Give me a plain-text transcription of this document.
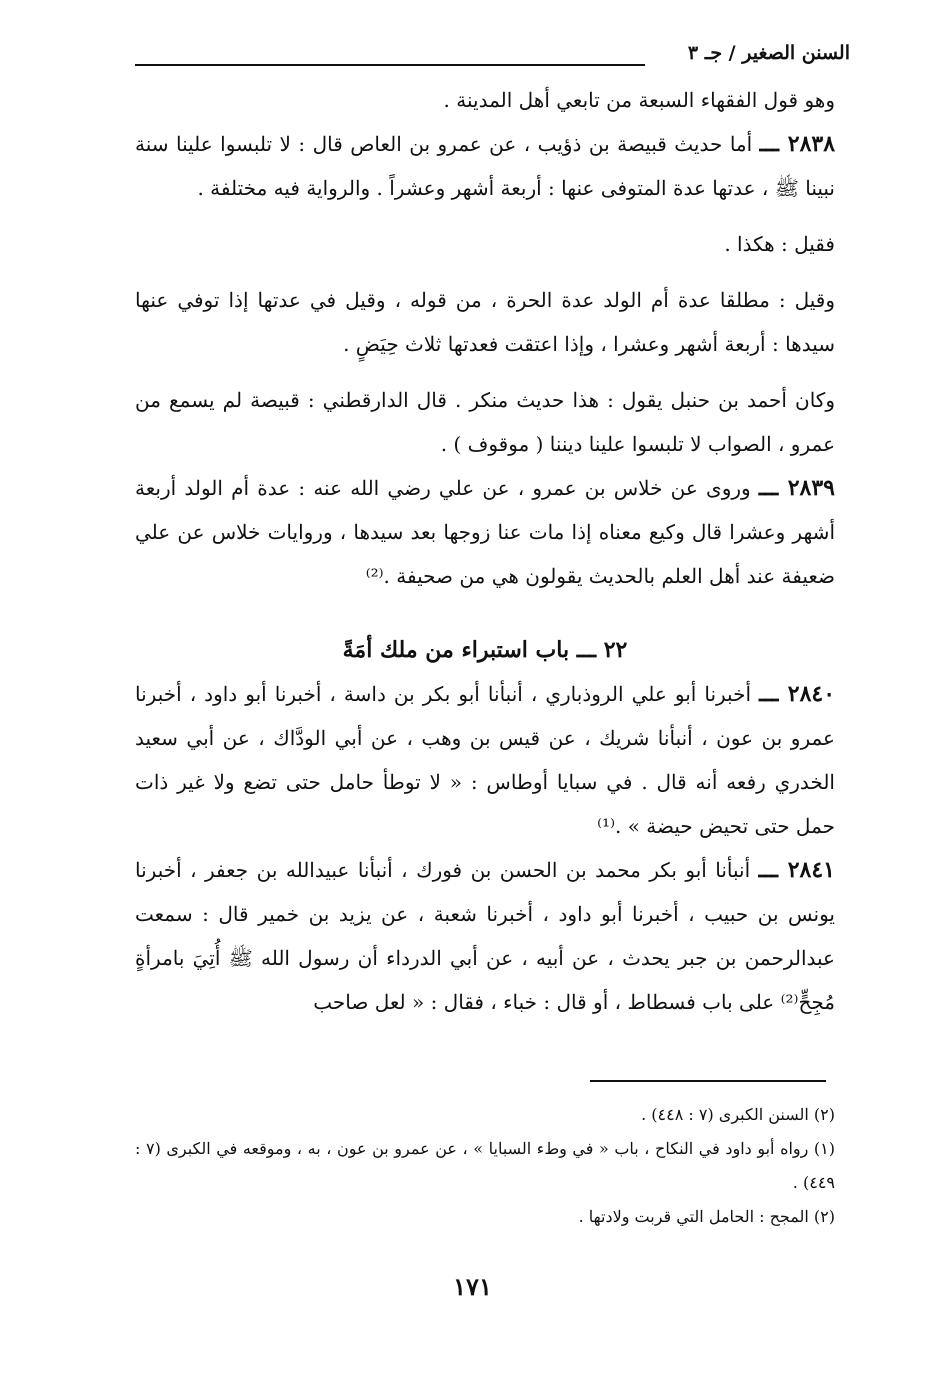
السنن الصغير / جـ ٣

وهو قول الفقهاء السبعة من تابعي أهل المدينة .

٢٨٣٨ ـــ أما حديث قبيصة بن ذؤيب ، عن عمرو بن العاص قال : لا تلبسوا علينا سنة نبينا ﷺ ، عدتها عدة المتوفى عنها : أربعة أشهر وعشراً . والرواية فيه مختلفة .

فقيل : هكذا .

وقيل : مطلقا عدة أم الولد عدة الحرة ، من قوله ، وقيل في عدتها إذا توفي عنها سيدها : أربعة أشهر وعشرا ، وإذا اعتقت فعدتها ثلاث حِيَضٍ .

وكان أحمد بن حنبل يقول : هذا حديث منكر . قال الدارقطني : قبيصة لم يسمع من عمرو ، الصواب لا تلبسوا علينا ديننا ( موقوف ) .

٢٨٣٩ ـــ وروى عن خلاس بن عمرو ، عن علي رضي الله عنه : عدة أم الولد أربعة أشهر وعشرا قال وكيع معناه إذا مات عنا زوجها بعد سيدها ، وروايات خلاس عن علي ضعيفة عند أهل العلم بالحديث يقولون هي من صحيفة .⁽²⁾

٢٢ ـــ باب استبراء من ملك أمَةً

٢٨٤٠ ـــ أخبرنا أبو علي الروذباري ، أنبأنا أبو بكر بن داسة ، أخبرنا أبو داود ، أخبرنا عمرو بن عون ، أنبأنا شريك ، عن قيس بن وهب ، عن أبي الودَّاك ، عن أبي سعيد الخدري رفعه أنه قال . في سبايا أوطاس : « لا توطأ حامل حتى تضع ولا غير ذات حمل حتى تحيض حيضة » .⁽¹⁾

٢٨٤١ ـــ أنبأنا أبو بكر محمد بن الحسن بن فورك ، أنبأنا عبيدالله بن جعفر ، أخبرنا يونس بن حبيب ، أخبرنا أبو داود ، أخبرنا شعبة ، عن يزيد بن خمير قال : سمعت عبدالرحمن بن جبر يحدث ، عن أبيه ، عن أبي الدرداء أن رسول الله ﷺ أُتِيَ بامرأةٍ مُجِحٍّ⁽²⁾ على باب فسطاط ، أو قال : خباء ، فقال : « لعل صاحب

(٢) السنن الكبرى (٧ : ٤٤٨) .

(١) رواه أبو داود في النكاح ، باب « في وطء السبايا » ، عن عمرو بن عون ، به ، وموقعه في الكبرى (٧ : ٤٤٩) .

(٢) المجح : الحامل التي قربت ولادتها .

١٧١
